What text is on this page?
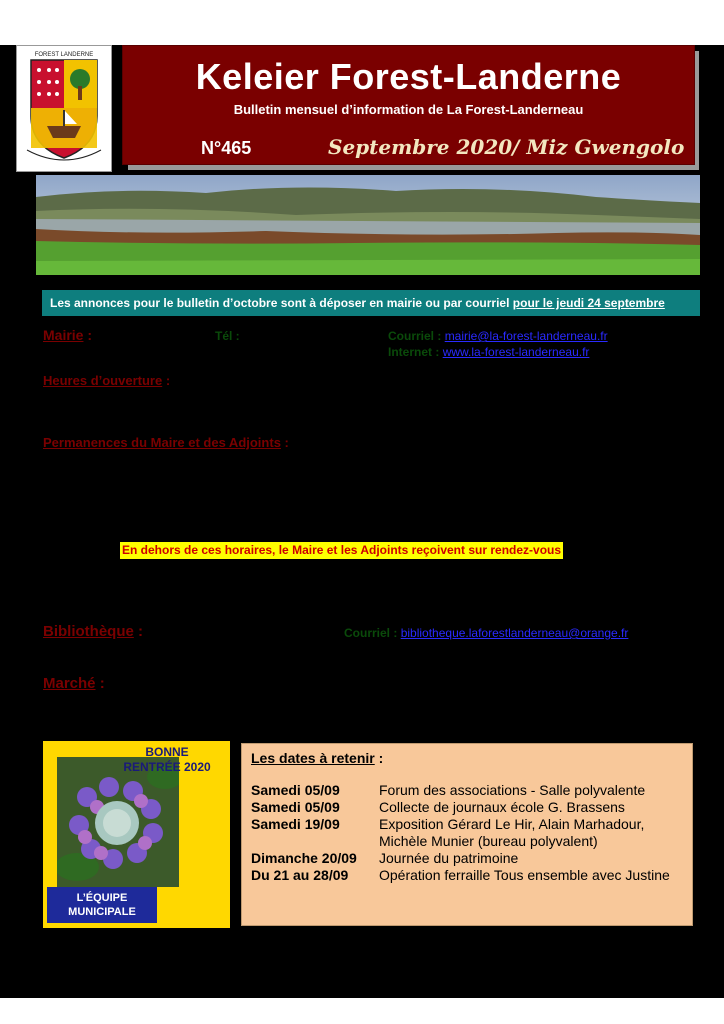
FOREST LANDERNE
Keleier Forest-Landerne
Bulletin mensuel d’information de La Forest-Landerneau
N°465	Septembre 2020/ Miz Gwengolo
Les annonces pour le bulletin d’octobre sont à déposer en mairie ou par courriel pour le jeudi 24 septembre
Mairie :	Tél :	Courriel : mairie@la-forest-landerneau.fr
Internet : www.la-forest-landerneau.fr
Heures d’ouverture :
Permanences du Maire et des Adjoints :
En dehors de ces horaires, le Maire et les Adjoints reçoivent sur rendez-vous
Bibliothèque :	Courriel : bibliotheque.laforestlanderneau@orange.fr
Marché :
BONNE
RENTRÉE 2020
L’ÉQUIPE
MUNICIPALE
Les dates à retenir :
Samedi 05/09	Forum des associations - Salle polyvalente
Samedi 05/09	Collecte de journaux école G. Brassens
Samedi 19/09	Exposition Gérard Le Hir, Alain Marhadour, Michèle Munier (bureau polyvalent)
Dimanche 20/09	Journée du patrimoine
Du 21 au 28/09	Opération ferraille Tous ensemble avec Justine
